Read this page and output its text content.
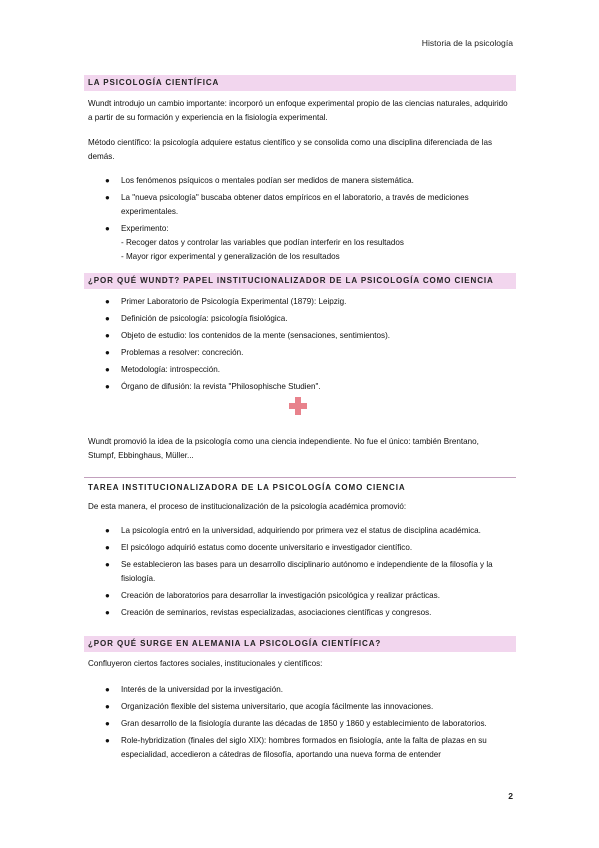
Historia de la psicología
LA PSICOLOGÍA CIENTÍFICA
Wundt introdujo un cambio importante: incorporó un enfoque experimental propio de las ciencias naturales, adquirido a partir de su formación y experiencia en la fisiología experimental.
Método científico: la psicología adquiere estatus científico y se consolida como una disciplina diferenciada de las demás.
● Los fenómenos psíquicos o mentales podían ser medidos de manera sistemática.
● La "nueva psicología" buscaba obtener datos empíricos en el laboratorio, a través de mediciones experimentales.
● Experimento:
- Recoger datos y controlar las variables que podían interferir en los resultados
- Mayor rigor experimental y generalización de los resultados
¿POR QUÉ WUNDT? PAPEL INSTITUCIONALIZADOR DE LA PSICOLOGÍA COMO CIENCIA
● Primer Laboratorio de Psicología Experimental (1879): Leipzig.
● Definición de psicología: psicología fisiológica.
● Objeto de estudio: los contenidos de la mente (sensaciones, sentimientos).
● Problemas a resolver: concreción.
● Metodología: introspección.
● Órgano de difusión: la revista "Philosophische Studien".
Wundt promovió la idea de la psicología como una ciencia independiente. No fue el único: también Brentano, Stumpf, Ebbinghaus, Müller...
TAREA INSTITUCIONALIZADORA DE LA PSICOLOGÍA COMO CIENCIA
De esta manera, el proceso de institucionalización de la psicología académica promovió:
● La psicología entró en la universidad, adquiriendo por primera vez el status de disciplina académica.
● El psicólogo adquirió estatus como docente universitario e investigador científico.
● Se establecieron las bases para un desarrollo disciplinario autónomo e independiente de la filosofía y la fisiología.
● Creación de laboratorios para desarrollar la investigación psicológica y realizar prácticas.
● Creación de seminarios, revistas especializadas, asociaciones científicas y congresos.
¿POR QUÉ SURGE EN ALEMANIA LA PSICOLOGÍA CIENTÍFICA?
Confluyeron ciertos factores sociales, institucionales y científicos:
● Interés de la universidad por la investigación.
● Organización flexible del sistema universitario, que acogía fácilmente las innovaciones.
● Gran desarrollo de la fisiología durante las décadas de 1850 y 1860 y establecimiento de laboratorios.
● Role-hybridization (finales del siglo XIX): hombres formados en fisiología, ante la falta de plazas en su especialidad, accedieron a cátedras de filosofía, aportando una nueva forma de entender
2
